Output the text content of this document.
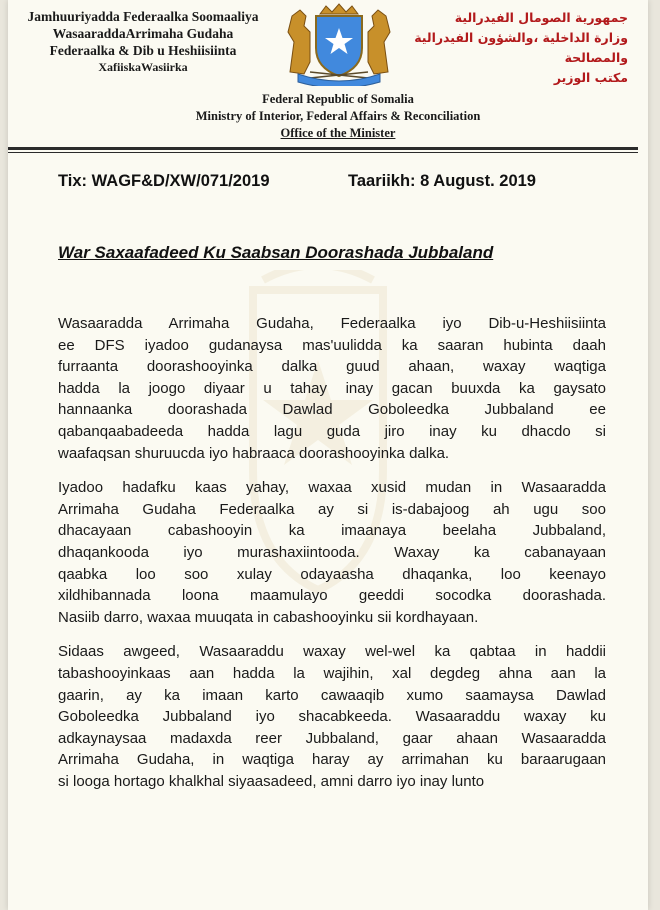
Jamhuuriyadda Federaalka Soomaaliya
WasaaraddaArrimaha Gudaha
Federaalka & Dib u Heshiisiinta
XafiiskaWasiirka
جمهورية الصومال الفيدرالية
وزارة الداخلية ،والشؤون الفيدرالية والمصالحة
مكتب الوزير
Federal Republic of Somalia
Ministry of Interior, Federal Affairs & Reconciliation
Office of the Minister
Tix: WAGF&D/XW/071/2019	Taariikh: 8 August. 2019
War Saxaafadeed Ku Saabsan Doorashada Jubbaland

Wasaaradda Arrimaha Gudaha, Federaalka iyo Dib-u-Heshiisiinta
ee DFS iyadoo gudanaysa mas'uulidda ka saaran hubinta daah
furraanta doorashooyinka dalka guud ahaan, waxay waqtiga
hadda la joogo diyaar u tahay inay gacan buuxda ka gaysato
hannaanka doorashada Dawlad Goboleedka Jubbaland ee
qabanqaabadeeda hadda lagu guda jiro inay ku dhacdo si
waafaqsan shuruucda iyo habraaca doorashooyinka dalka.

Iyadoo hadafku kaas yahay, waxaa xusid mudan in Wasaaradda
Arrimaha Gudaha Federaalka ay si is-dabajoog ah ugu soo
dhacayaan cabashooyin ka imaanaya beelaha Jubbaland,
dhaqankooda iyo murashaxiintooda. Waxay ka cabanayaan
qaabka loo soo xulay odayaasha dhaqanka, loo keenayo
xildhibannada loona maamulayo geeddi socodka doorashada.
Nasiib darro, waxaa muuqata in cabashooyinku sii kordhayaan.

Sidaas awgeed, Wasaaraddu waxay wel-wel ka qabtaa in haddii
tabashooyinkaas aan hadda la wajihin, xal degdeg ahna aan la
gaarin, ay ka imaan karto cawaaqib xumo saamaysa Dawlad
Goboleedka Jubbaland iyo shacabkeeda. Wasaaraddu waxay ku
adkaynaysaa madaxda reer Jubbaland, gaar ahaan Wasaaradda
Arrimaha Gudaha, in waqtiga haray ay arrimahan ku baraarugaan
si looga hortago khalkhal siyaasadeed, amni darro iyo inay lunto
